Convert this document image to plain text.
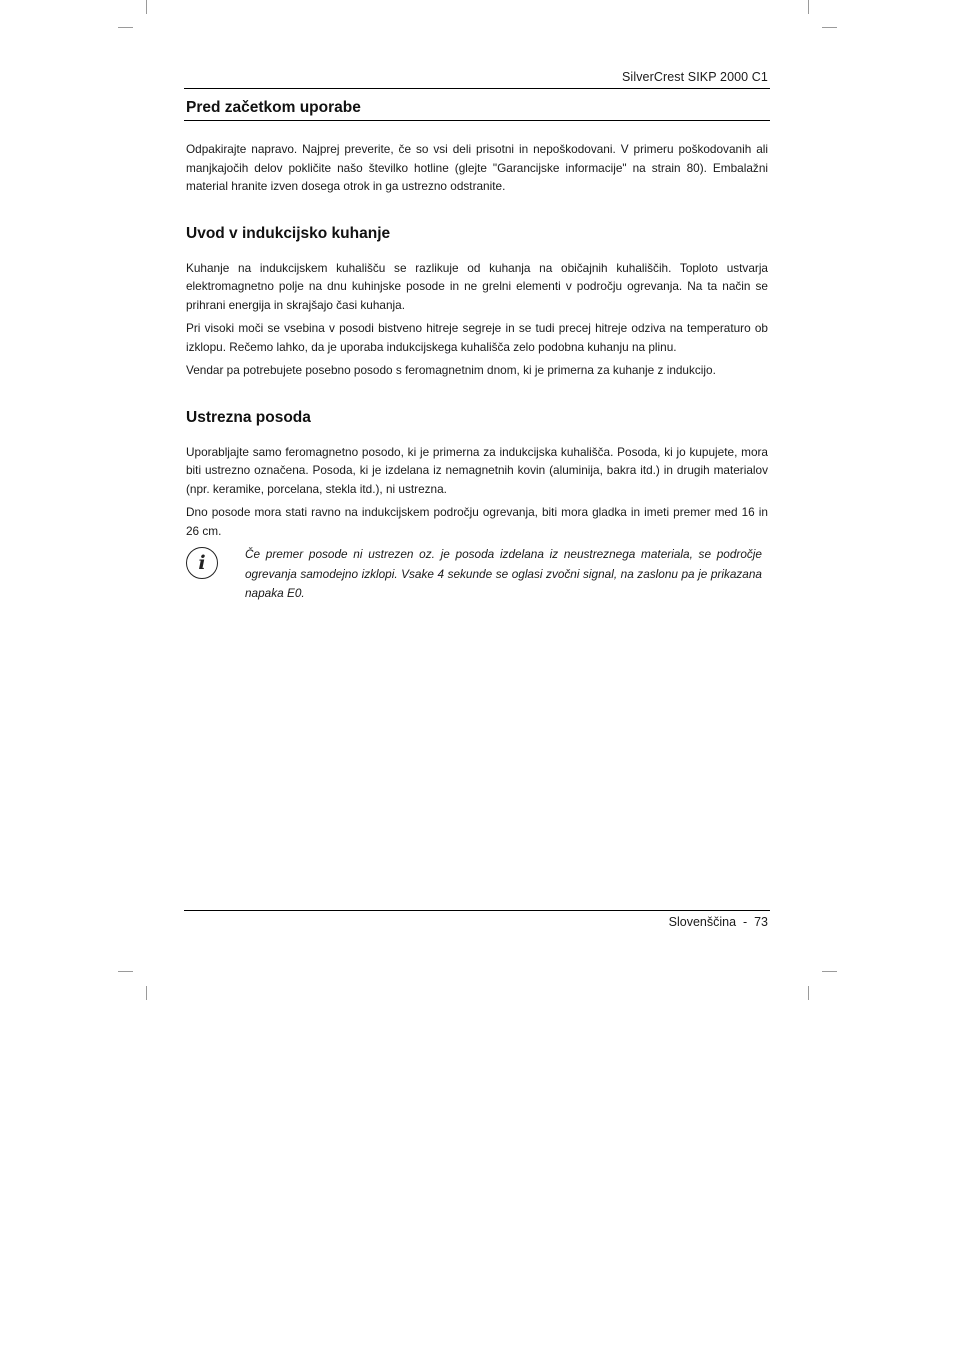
SilverCrest SIKP 2000 C1
Pred začetkom uporabe

Odpakirajte napravo. Najprej preverite, če so vsi deli prisotni in nepoškodovani. V primeru poškodovanih ali manjkajočih delov pokličite našo številko hotline (glejte "Garancijske informacije" na strain 80). Embalažni material hranite izven dosega otrok in ga ustrezno odstranite.

Uvod v indukcijsko kuhanje

Kuhanje na indukcijskem kuhališču se razlikuje od kuhanja na običajnih kuhališčih. Toploto ustvarja elektromagnetno polje na dnu kuhinjske posode in ne grelni elementi v področju ogrevanja. Na ta način se prihrani energija in skrajšajo časi kuhanja.

Pri visoki moči se vsebina v posodi bistveno hitreje segreje in se tudi precej hitreje odziva na temperaturo ob izklopu. Rečemo lahko, da je uporaba indukcijskega kuhališča zelo podobna kuhanju na plinu.

Vendar pa potrebujete posebno posodo s feromagnetnim dnom, ki je primerna za kuhanje z indukcijo.

Ustrezna posoda

Uporabljajte samo feromagnetno posodo, ki je primerna za indukcijska kuhališča. Posoda, ki jo kupujete, mora biti ustrezno označena. Posoda, ki je izdelana iz nemagnetnih kovin (aluminija, bakra itd.) in drugih materialov (npr. keramike, porcelana, stekla itd.), ni ustrezna.

Dno posode mora stati ravno na indukcijskem področju ogrevanja, biti mora gladka in imeti premer med 16 in 26 cm.

i	Če premer posode ni ustrezen oz. je posoda izdelana iz neustreznega materiala, se področje ogrevanja samodejno izklopi. Vsake 4 sekunde se oglasi zvočni signal, na zaslonu pa je prikazana napaka E0.

Slovenščina  -  73
